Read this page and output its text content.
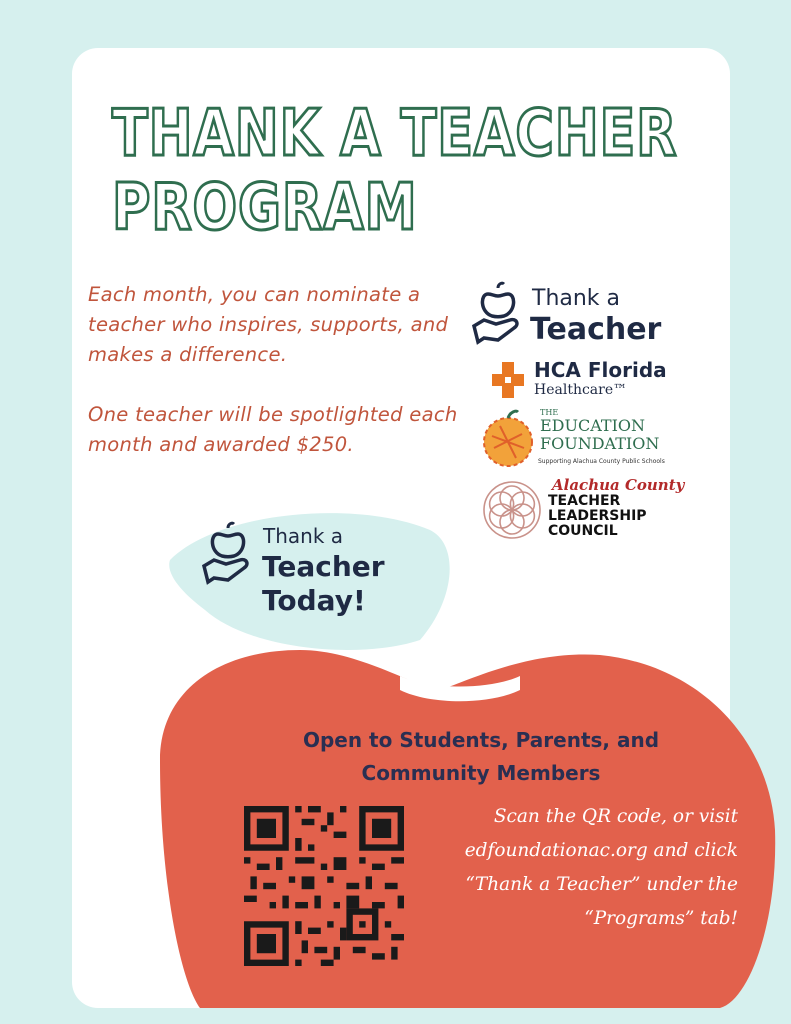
THANK A TEACHER
PROGRAM

Each month, you can nominate a teacher who inspires, supports, and makes a difference.

One teacher will be spotlighted each month and awarded $250.

Thank a
Teacher
HCA Florida
Healthcare™
THE
EDUCATION
FOUNDATION
Supporting Alachua County Public Schools
Alachua County
TEACHER
LEADERSHIP
COUNCIL
Thank a
Teacher
Today!
Open to Students, Parents, and Community Members
Scan the QR code, or visit edfoundationac.org and click “Thank a Teacher” under the “Programs” tab!
